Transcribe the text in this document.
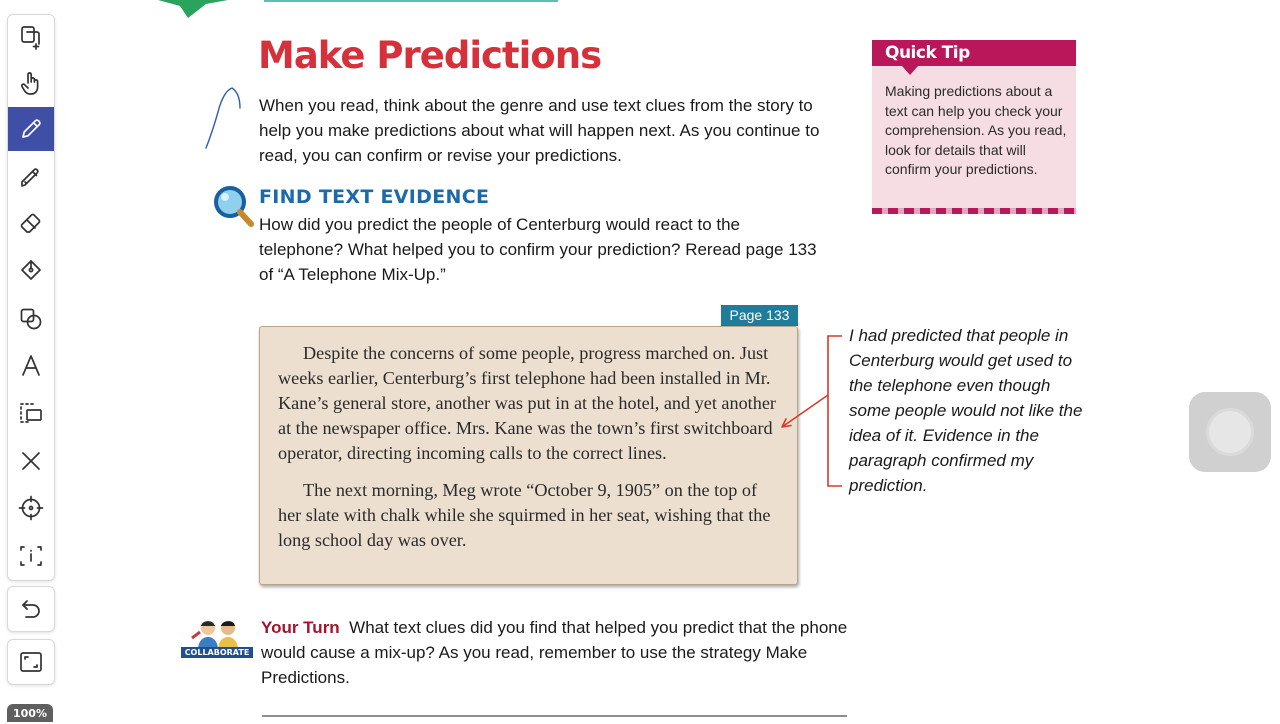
100%
Make Predictions
When you read, think about the genre and use text clues from the story to help you make predictions about what will happen next. As you continue to read, you can confirm or revise your predictions.
FIND TEXT EVIDENCE
How did you predict the people of Centerburg would react to the telephone? What helped you to confirm your prediction? Reread page 133 of “A Telephone Mix-Up.”
Page 133

Despite the concerns of some people, progress marched on. Just weeks earlier, Centerburg’s first telephone had been installed in Mr. Kane’s general store, another was put in at the hotel, and yet another at the newspaper office. Mrs. Kane was the town’s first switchboard operator, directing incoming calls to the correct lines.

The next morning, Meg wrote “October 9, 1905” on the top of her slate with chalk while she squirmed in her seat, wishing that the long school day was over.

I had predicted that people in Centerburg would get used to the telephone even though some people would not like the idea of it. Evidence in the paragraph confirmed my prediction.
Quick Tip
Making predictions about a text can help you check your comprehension. As you read, look for details that will confirm your predictions.
COLLABORATE
Your Turn What text clues did you find that helped you predict that the phone would cause a mix-up? As you read, remember to use the strategy Make Predictions.
